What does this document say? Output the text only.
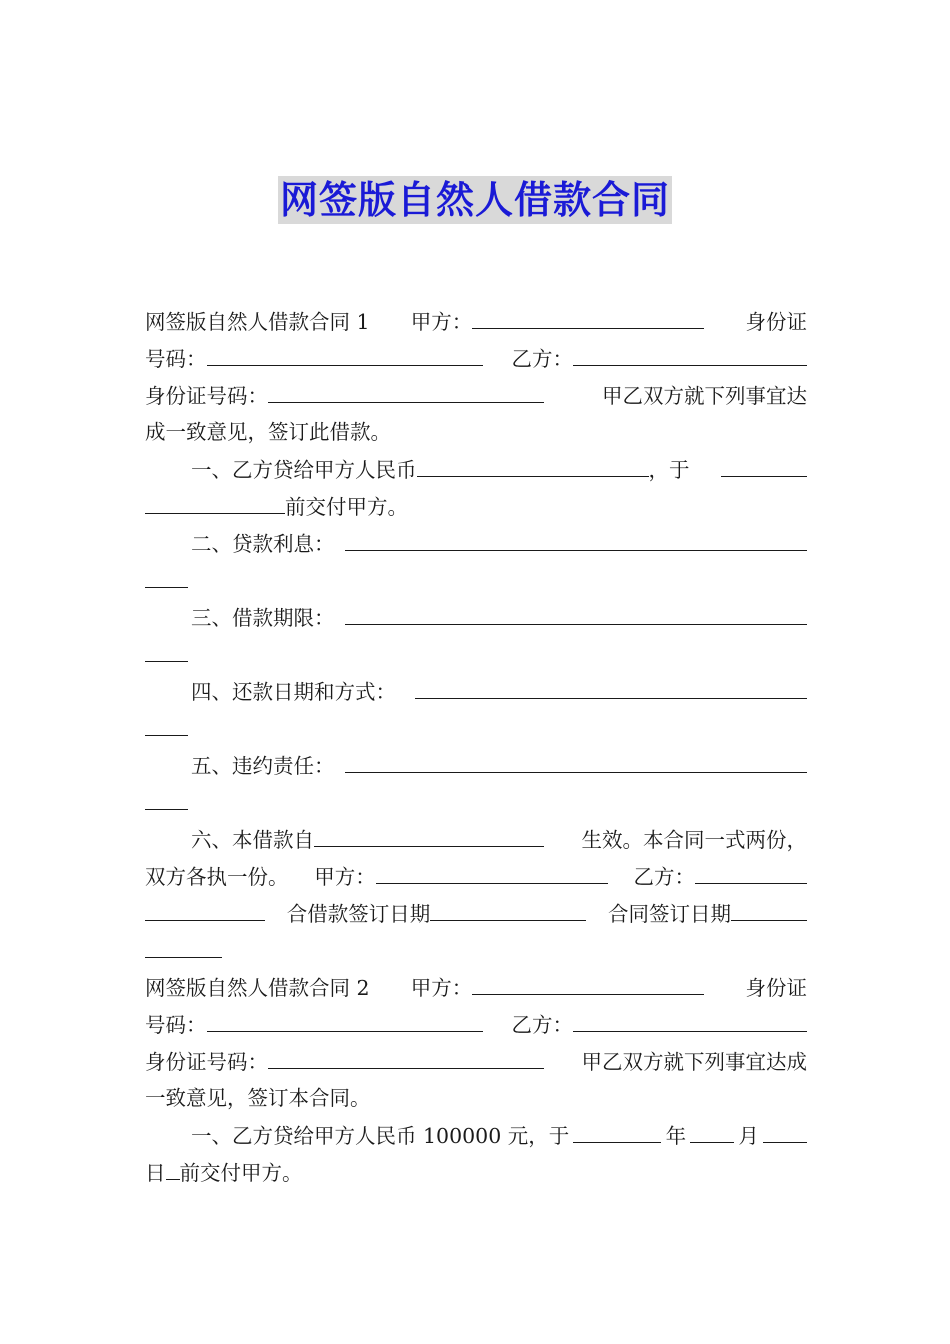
网签版自然人借款合同
网签版自然人借款合同 1 甲方：	身份证
号码：	乙方：
身份证号码：	甲乙双方就下列事宜达
成一致意见，签订此借款。
一、乙方贷给甲方人民币	，于
前交付甲方。
二、贷款利息：
三、借款期限：
四、还款日期和方式：
五、违约责任：
六、本借款自	生效。本合同一式两份，
双方各执一份。 甲方：	乙方：
合借款签订日期	合同签订日期
网签版自然人借款合同 2 甲方：	身份证
号码：	乙方：
身份证号码：	甲乙双方就下列事宜达成
一致意见，签订本合同。
一、乙方贷给甲方人民币 100000 元，于	年	月
日 前交付甲方。
